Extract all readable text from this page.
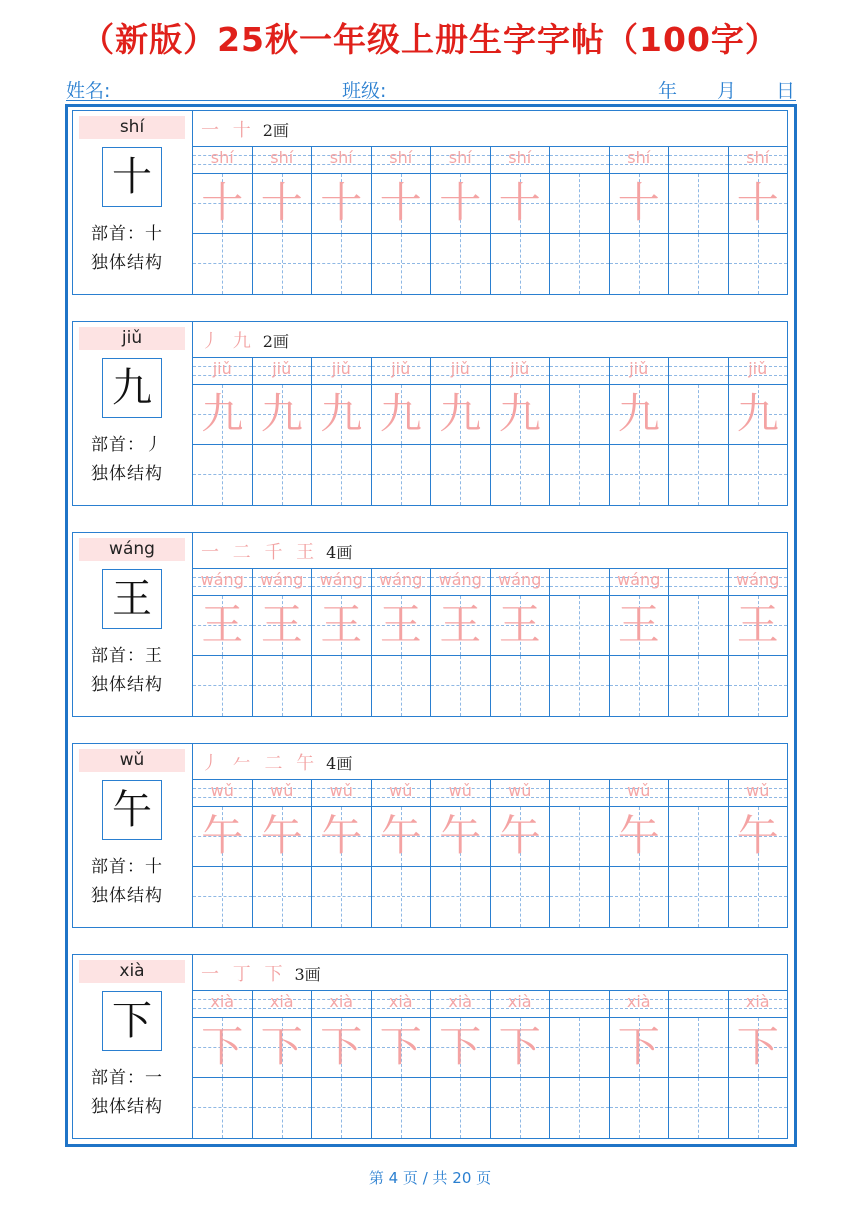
（新版）25秋一年级上册生字字帖（100字）
姓名:	班级:	年 月 日
shí
十
部首：十
独体结构
一 十 2画
shí
十
shí
十
shí
十
shí
十
shí
十
shí
十
shí
十
shí
十
jiǔ
九
部首：丿
独体结构
丿 九 2画
jiǔ
九
jiǔ
九
jiǔ
九
jiǔ
九
jiǔ
九
jiǔ
九
jiǔ
九
jiǔ
九
wáng
王
部首：王
独体结构
一 二 千 王 4画
wáng
王
wáng
王
wáng
王
wáng
王
wáng
王
wáng
王
wáng
王
wáng
王
wǔ
午
部首：十
独体结构
丿 𠂉 二 午 4画
wǔ
午
wǔ
午
wǔ
午
wǔ
午
wǔ
午
wǔ
午
wǔ
午
wǔ
午
xià
下
部首：一
独体结构
一 丁 下 3画
xià
下
xià
下
xià
下
xià
下
xià
下
xià
下
xià
下
xià
下
第 4 页 / 共 20 页
